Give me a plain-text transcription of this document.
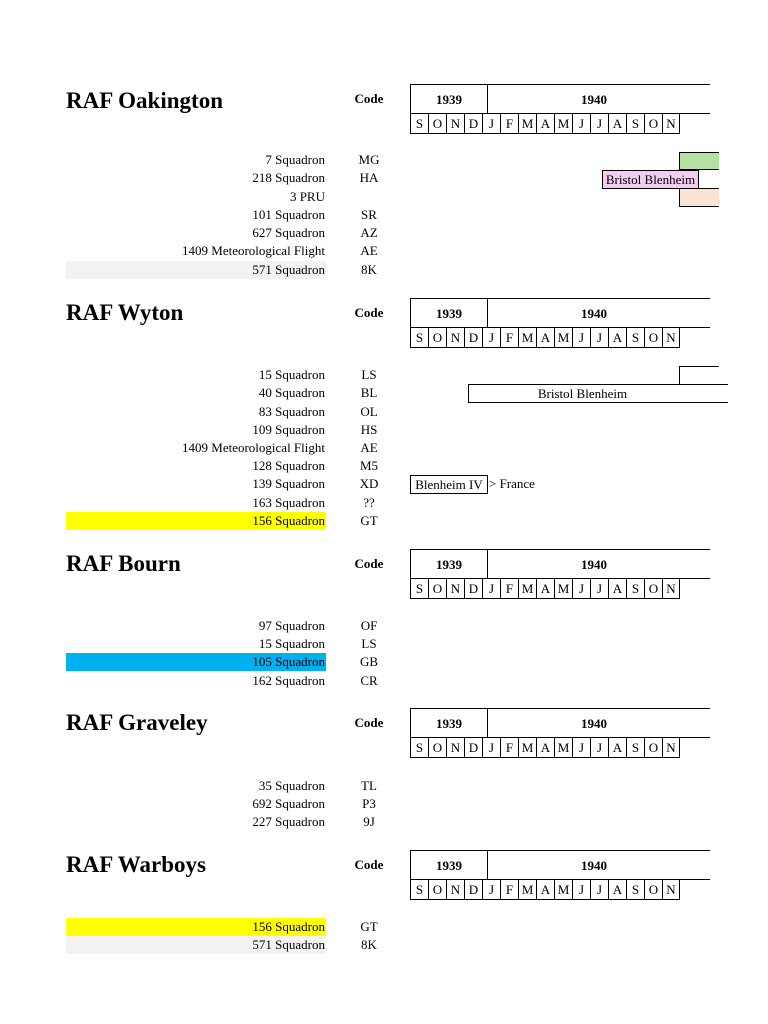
RAF Oakington	Code	1939	1940
S O N D J F M A M J J A S O N
7 Squadron	MG
218 Squadron	HA
3 PRU
101 Squadron	SR
627 Squadron	AZ
1409 Meteorological Flight	AE
571 Squadron	8K
Bristol Blenheim
RAF Wyton	Code	1939	1940
S O N D J F M A M J J A S O N
15 Squadron	LS
40 Squadron	BL
83 Squadron	OL
109 Squadron	HS
1409 Meteorological Flight	AE
128 Squadron	M5
139 Squadron	XD
163 Squadron	??
156 Squadron	GT
Bristol Blenheim
Blenheim IV > France
RAF Bourn	Code	1939	1940
S O N D J F M A M J J A S O N
97 Squadron	OF
15 Squadron	LS
105 Squadron	GB
162 Squadron	CR
RAF Graveley	Code	1939	1940
S O N D J F M A M J J A S O N
35 Squadron	TL
692 Squadron	P3
227 Squadron	9J
RAF Warboys	Code	1939	1940
S O N D J F M A M J J A S O N
156 Squadron	GT
571 Squadron	8K
